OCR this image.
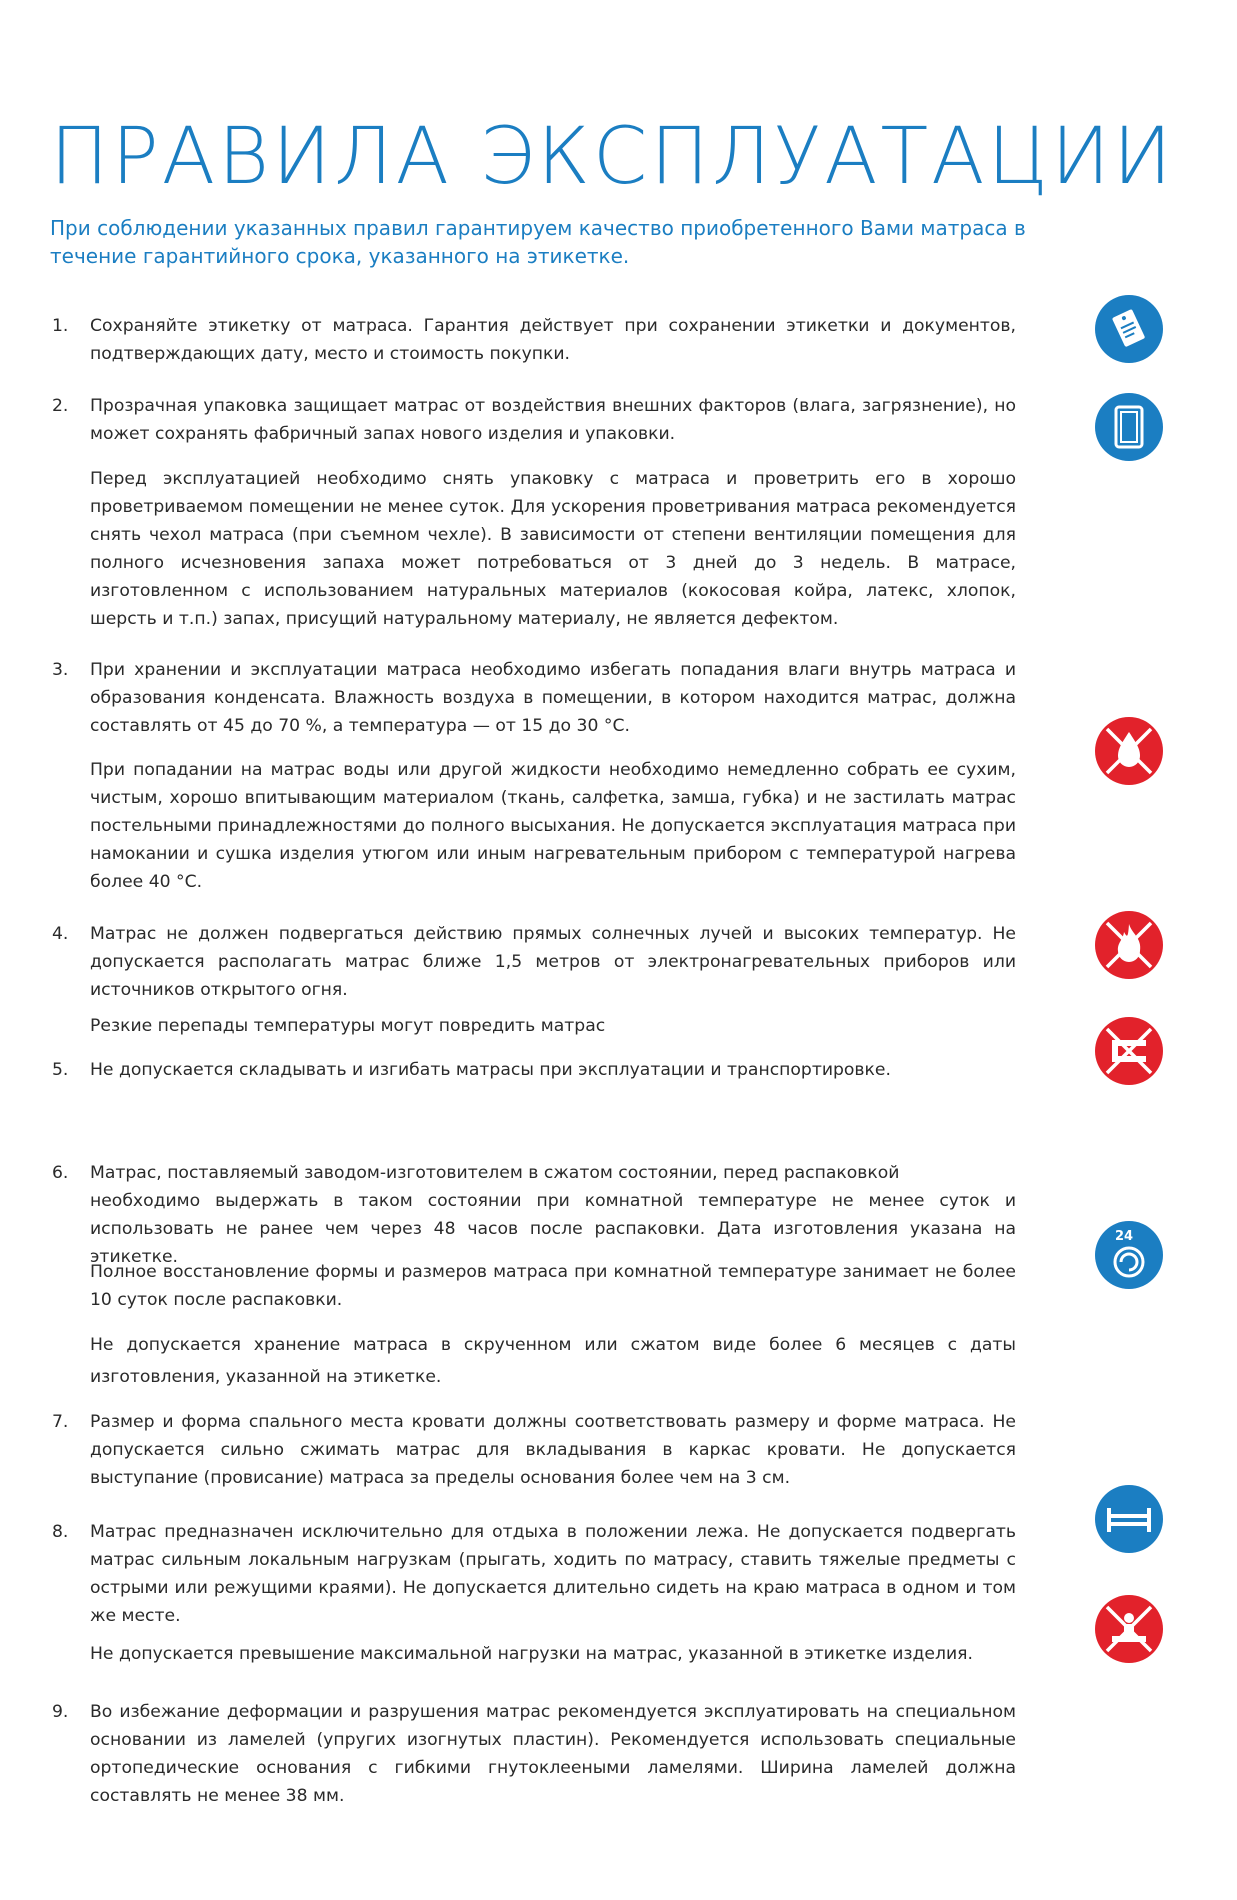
ПРАВИЛА ЭКСПЛУАТАЦИИ
При соблюдении указанных правил гарантируем качество приобретенного Вами матраса в течение гарантийного срока, указанного на этикетке.
1. Сохраняйте этикетку от матраса. Гарантия действует при сохранении этикетки и документов, подтверждающих дату, место и стоимость покупки.
2. Прозрачная упаковка защищает матрас от воздействия внешних факторов (влага, загрязнение), но может сохранять фабричный запах нового изделия и упаковки.
Перед эксплуатацией необходимо снять упаковку с матраса и проветрить его в хорошо проветриваемом помещении не менее суток. Для ускорения проветривания матраса рекомендуется снять чехол матраса (при съемном чехле). В зависимости от степени вентиляции помещения для полного исчезновения запаха может потребоваться от 3 дней до 3 недель. В матрасе, изготовленном с использованием натуральных материалов (кокосовая койра, латекс, хлопок, шерсть и т.п.) запах, присущий натуральному материалу, не является дефектом.
3. При хранении и эксплуатации матраса необходимо избегать попадания влаги внутрь матраса и образования конденсата. Влажность воздуха в помещении, в котором находится матрас, должна составлять от 45 до 70 %, а температура — от 15 до 30 °С.
При попадании на матрас воды или другой жидкости необходимо немедленно собрать ее сухим, чистым, хорошо впитывающим материалом (ткань, салфетка, замша, губка) и не застилать матрас постельными принадлежностями до полного высыхания. Не допускается эксплуатация матраса при намокании и сушка изделия утюгом или иным нагревательным прибором с температурой нагрева более 40 °С.
4. Матрас не должен подвергаться действию прямых солнечных лучей и высоких температур. Не допускается располагать матрас ближе 1,5 метров от электронагревательных приборов или источников открытого огня.
Резкие перепады температуры могут повредить матрас
5. Не допускается складывать и изгибать матрасы при эксплуатации и транспортировке.
6. Матрас, поставляемый заводом-изготовителем в сжатом состоянии, перед распаковкой
необходимо выдержать в таком состоянии при комнатной температуре не менее суток и использовать не ранее чем через 48 часов после распаковки. Дата изготовления указана на этикетке.
Полное восстановление формы и размеров матраса при комнатной температуре занимает не более 10 суток после распаковки.
Не допускается хранение матраса в скрученном или сжатом виде более 6 месяцев с даты изготовления, указанной на этикетке.
7. Размер и форма спального места кровати должны соответствовать размеру и форме матраса. Не допускается сильно сжимать матрас для вкладывания в каркас кровати. Не допускается выступание (провисание) матраса за пределы основания более чем на 3 см.
8. Матрас предназначен исключительно для отдыха в положении лежа. Не допускается подвергать матрас сильным локальным нагрузкам (прыгать, ходить по матрасу, ставить тяжелые предметы с острыми или режущими краями). Не допускается длительно сидеть на краю матраса в одном и том же месте.
Не допускается превышение максимальной нагрузки на матрас, указанной в этикетке изделия.
9. Во избежание деформации и разрушения матрас рекомендуется эксплуатировать на специальном основании из ламелей (упругих изогнутых пластин). Рекомендуется использовать специальные ортопедические основания с гибкими гнутоклееными ламелями. Ширина ламелей должна составлять не менее 38 мм.
24
